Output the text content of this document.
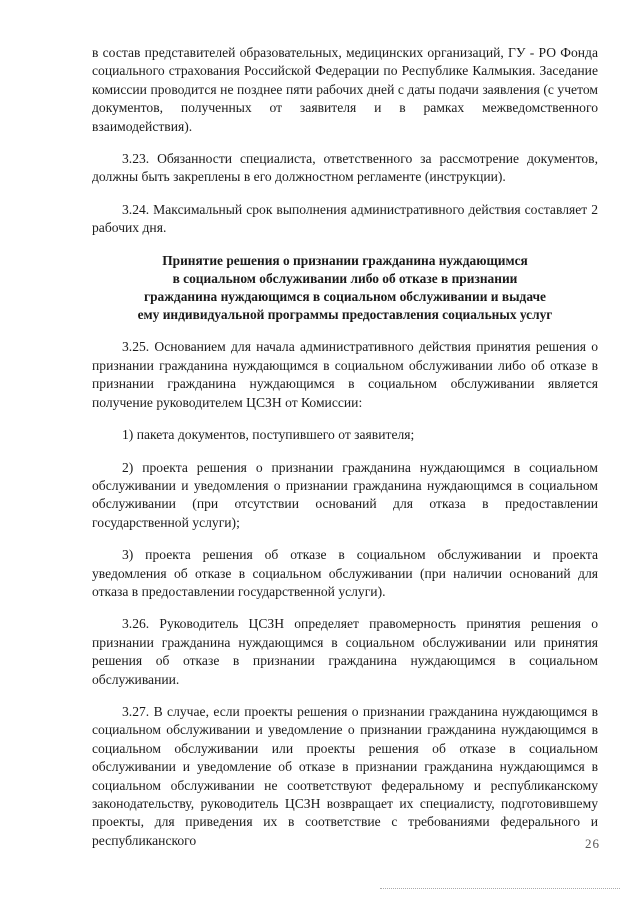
в состав представителей образовательных, медицинских организаций, ГУ - РО Фонда социального страхования Российской Федерации по Республике Калмыкия. Заседание комиссии проводится не позднее пяти рабочих дней с даты подачи заявления (с учетом документов, полученных от заявителя и в рамках межведомственного взаимодействия).

3.23. Обязанности специалиста, ответственного за рассмотрение документов, должны быть закреплены в его должностном регламенте (инструкции).

3.24. Максимальный срок выполнения административного действия составляет 2 рабочих дня.

Принятие решения о признании гражданина нуждающимся
в социальном обслуживании либо об отказе в признании
гражданина нуждающимся в социальном обслуживании и выдаче
ему индивидуальной программы предоставления социальных услуг

3.25. Основанием для начала административного действия принятия решения о признании гражданина нуждающимся в социальном обслуживании либо об отказе в признании гражданина нуждающимся в социальном обслуживании является получение руководителем ЦСЗН от Комиссии:

1) пакета документов, поступившего от заявителя;

2) проекта решения о признании гражданина нуждающимся в социальном обслуживании и уведомления о признании гражданина нуждающимся в социальном обслуживании (при отсутствии оснований для отказа в предоставлении государственной услуги);

3) проекта решения об отказе в социальном обслуживании и проекта уведомления об отказе в социальном обслуживании (при наличии оснований для отказа в предоставлении государственной услуги).

3.26. Руководитель ЦСЗН определяет правомерность принятия решения о признании гражданина нуждающимся в социальном обслуживании или принятия решения об отказе в признании гражданина нуждающимся в социальном обслуживании.

3.27. В случае, если проекты решения о признании гражданина нуждающимся в социальном обслуживании и уведомление о признании гражданина нуждающимся в социальном обслуживании или проекты решения об отказе в социальном обслуживании и уведомление об отказе в признании гражданина нуждающимся в социальном обслуживании не соответствуют федеральному и республиканскому законодательству, руководитель ЦСЗН возвращает их специалисту, подготовившему проекты, для приведения их в соответствие с требованиями федерального и республиканского	26
